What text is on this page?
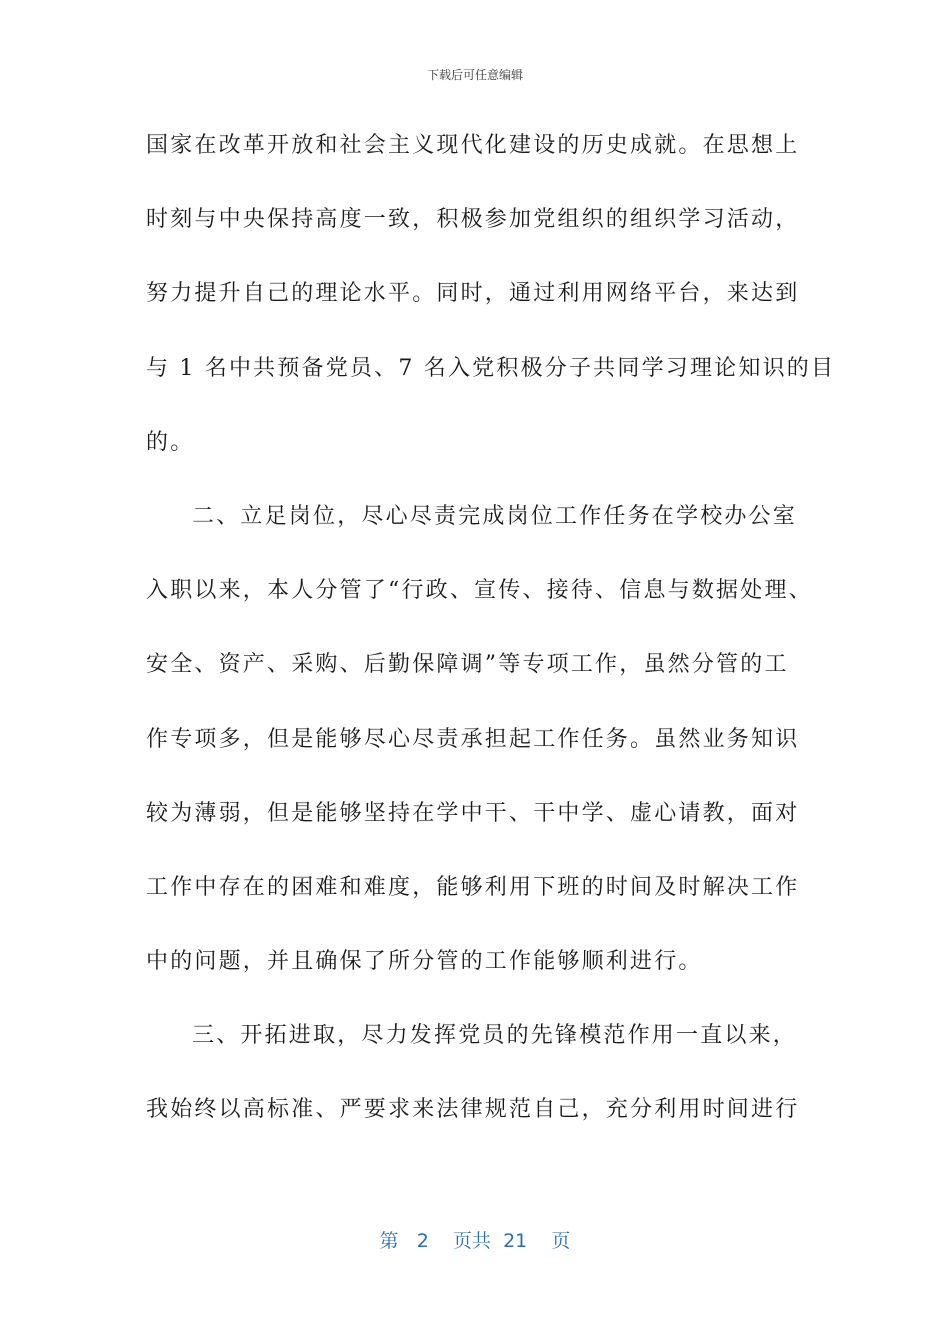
下载后可任意编辑
国家在改革开放和社会主义现代化建设的历史成就。在思想上
时刻与中央保持高度一致，积极参加党组织的组织学习活动，
努力提升自己的理论水平。同时，通过利用网络平台，来达到
与 1 名中共预备党员、7 名入党积极分子共同学习理论知识的目
的。
二、立足岗位，尽心尽责完成岗位工作任务在学校办公室
入职以来，本人分管了“行政、宣传、接待、信息与数据处理、
安全、资产、采购、后勤保障调”等专项工作，虽然分管的工
作专项多，但是能够尽心尽责承担起工作任务。虽然业务知识
较为薄弱，但是能够坚持在学中干、干中学、虚心请教，面对
工作中存在的困难和难度，能够利用下班的时间及时解决工作
中的问题，并且确保了所分管的工作能够顺利进行。
三、开拓进取，尽力发挥党员的先锋模范作用一直以来，
我始终以高标准、严要求来法律规范自己，充分利用时间进行
第 2 页共 21 页
